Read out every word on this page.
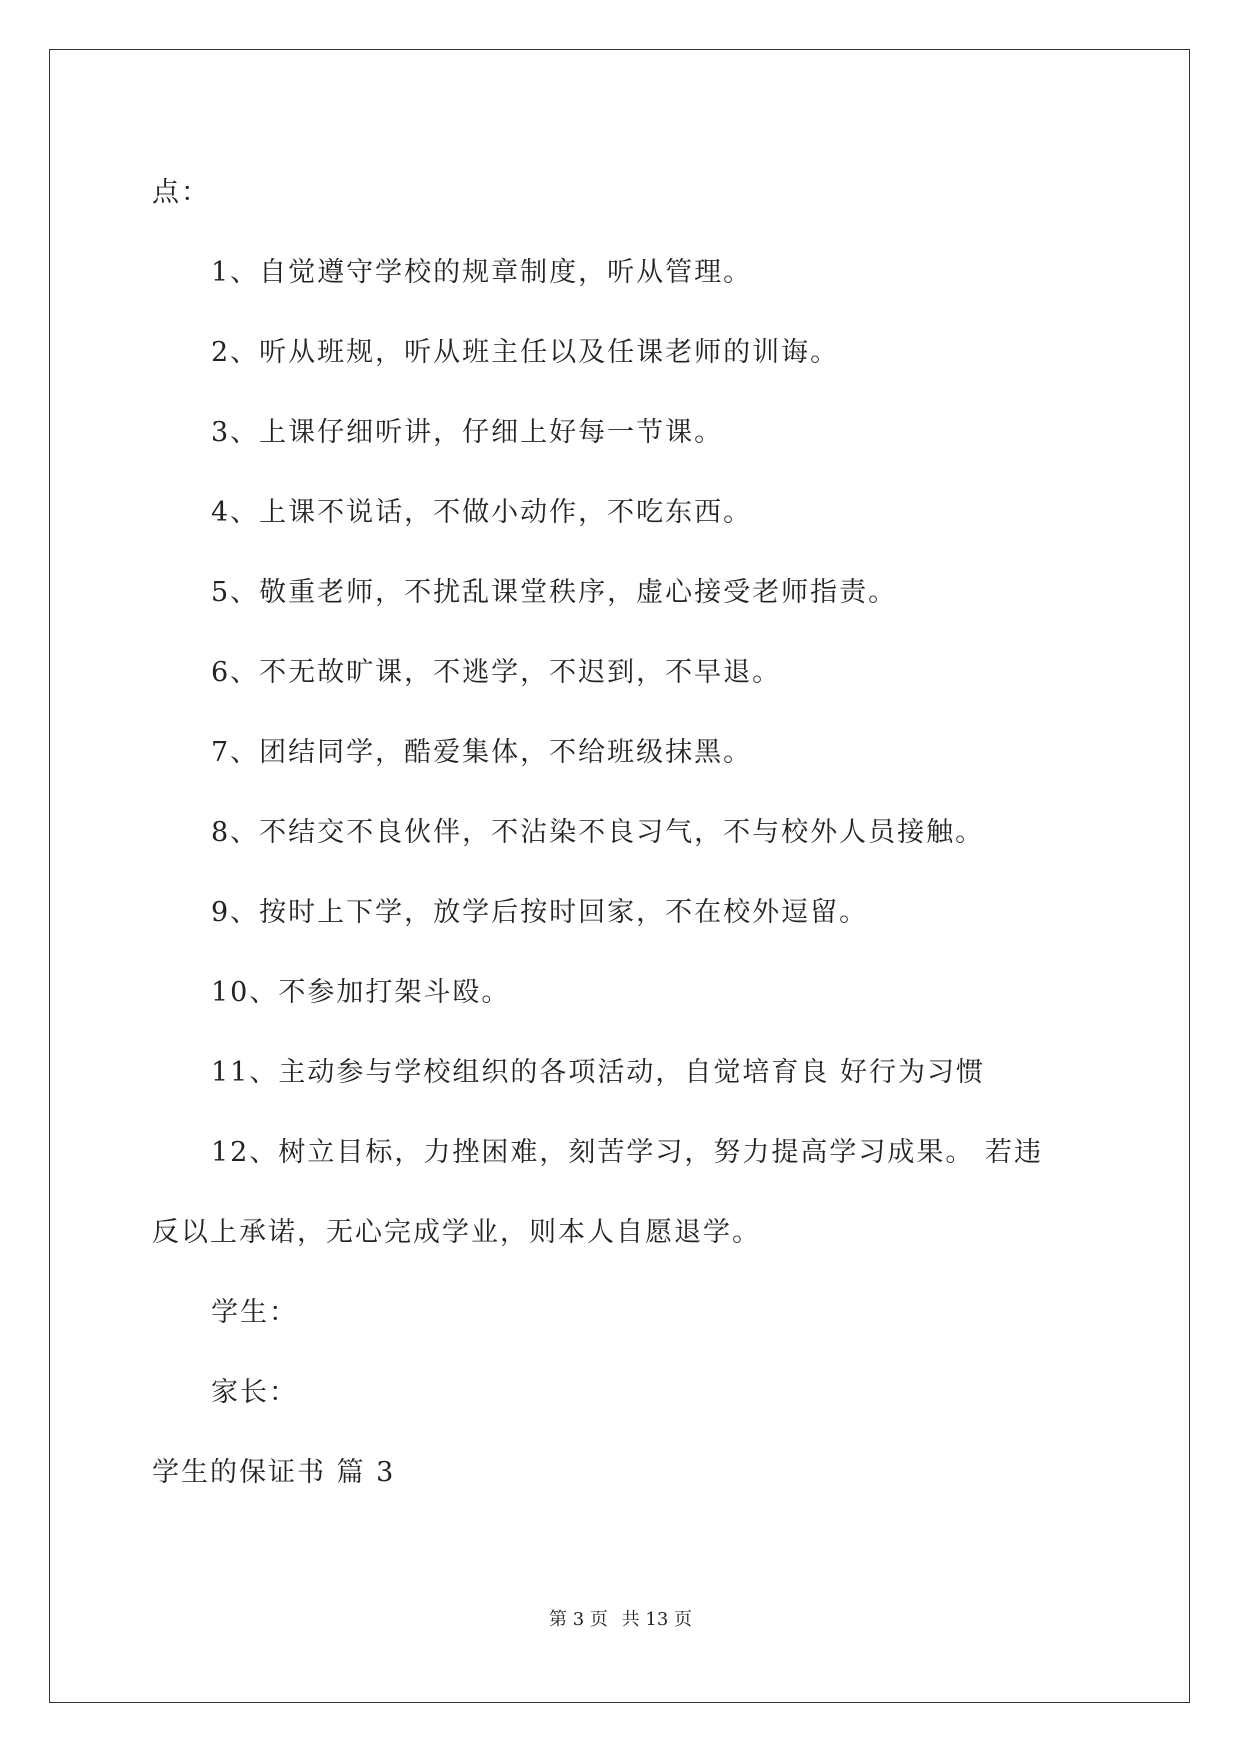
点：
1、自觉遵守学校的规章制度，听从管理。
2、听从班规，听从班主任以及任课老师的训诲。
3、上课仔细听讲，仔细上好每一节课。
4、上课不说话，不做小动作，不吃东西。
5、敬重老师，不扰乱课堂秩序，虚心接受老师指责。
6、不无故旷课，不逃学，不迟到，不早退。
7、团结同学，酷爱集体，不给班级抹黑。
8、不结交不良伙伴，不沾染不良习气，不与校外人员接触。
9、按时上下学，放学后按时回家，不在校外逗留。
10、不参加打架斗殴。
11、主动参与学校组织的各项活动，自觉培育良 好行为习惯
12、树立目标，力挫困难，刻苦学习，努力提高学习成果。 若违
反以上承诺，无心完成学业，则本人自愿退学。
学生：
家长：
学生的保证书 篇 3
第 3 页 共 13 页
